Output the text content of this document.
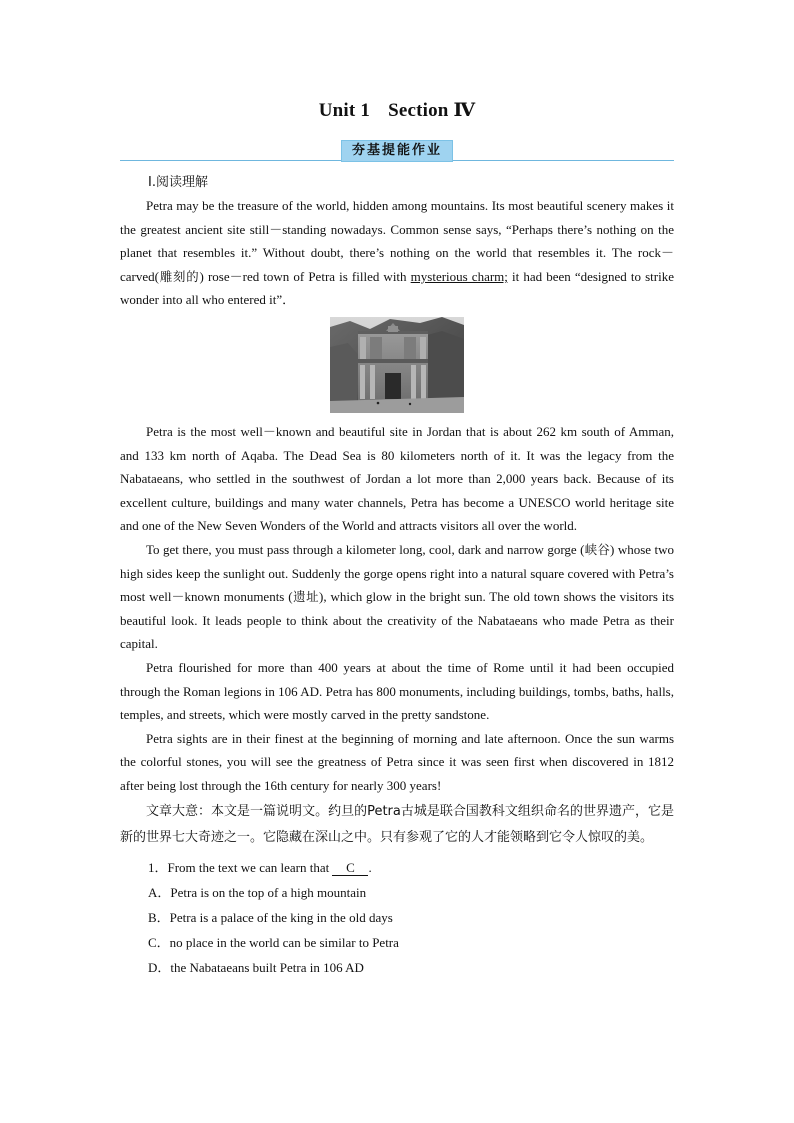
Unit 1 Section Ⅳ
夯基提能作业
Ⅰ.阅读理解

Petra may be the treasure of the world, hidden among mountains. Its most beautiful scenery makes it the greatest ancient site still－standing nowadays. Common sense says, “Perhaps there’s nothing on the planet that resembles it.” Without doubt, there’s nothing on the world that resembles it. The rock－carved(雕刻的) rose－red town of Petra is filled with mysterious charm; it had been “designed to strike wonder into all who entered it”．

Petra is the most well－known and beautiful site in Jordan that is about 262 km south of Amman, and 133 km north of Aqaba. The Dead Sea is 80 kilometers north of it. It was the legacy from the Nabataeans, who settled in the southwest of Jordan a lot more than 2,000 years back. Because of its excellent culture, buildings and many water channels, Petra has become a UNESCO world heritage site and one of the New Seven Wonders of the World and attracts visitors all over the world.

To get there, you must pass through a kilometer long, cool, dark and narrow gorge (峡谷) whose two high sides keep the sunlight out. Suddenly the gorge opens right into a natural square covered with Petra’s most well－known monuments (遗址), which glow in the bright sun. The old town shows the visitors its beautiful look. It leads people to think about the creativity of the Nabataeans who made Petra as their capital.

Petra flourished for more than 400 years at about the time of Rome until it had been occupied through the Roman legions in 106 AD. Petra has 800 monuments, including buildings, tombs, baths, halls, temples, and streets, which were mostly carved in the pretty sandstone.

Petra sights are in their finest at the beginning of morning and late afternoon. Once the sun warms the colorful stones, you will see the greatness of Petra since it was seen first when discovered in 1812 after being lost through the 16th century for nearly 300 years!

文章大意：本文是一篇说明文。约旦的Petra古城是联合国教科文组织命名的世界遗产，它是新的世界七大奇迹之一。它隐藏在深山之中。只有参观了它的人才能领略到它令人惊叹的美。

1．From the text we can learn that C .
A．Petra is on the top of a high mountain
B．Petra is a palace of the king in the old days
C．no place in the world can be similar to Petra
D．the Nabataeans built Petra in 106 AD
